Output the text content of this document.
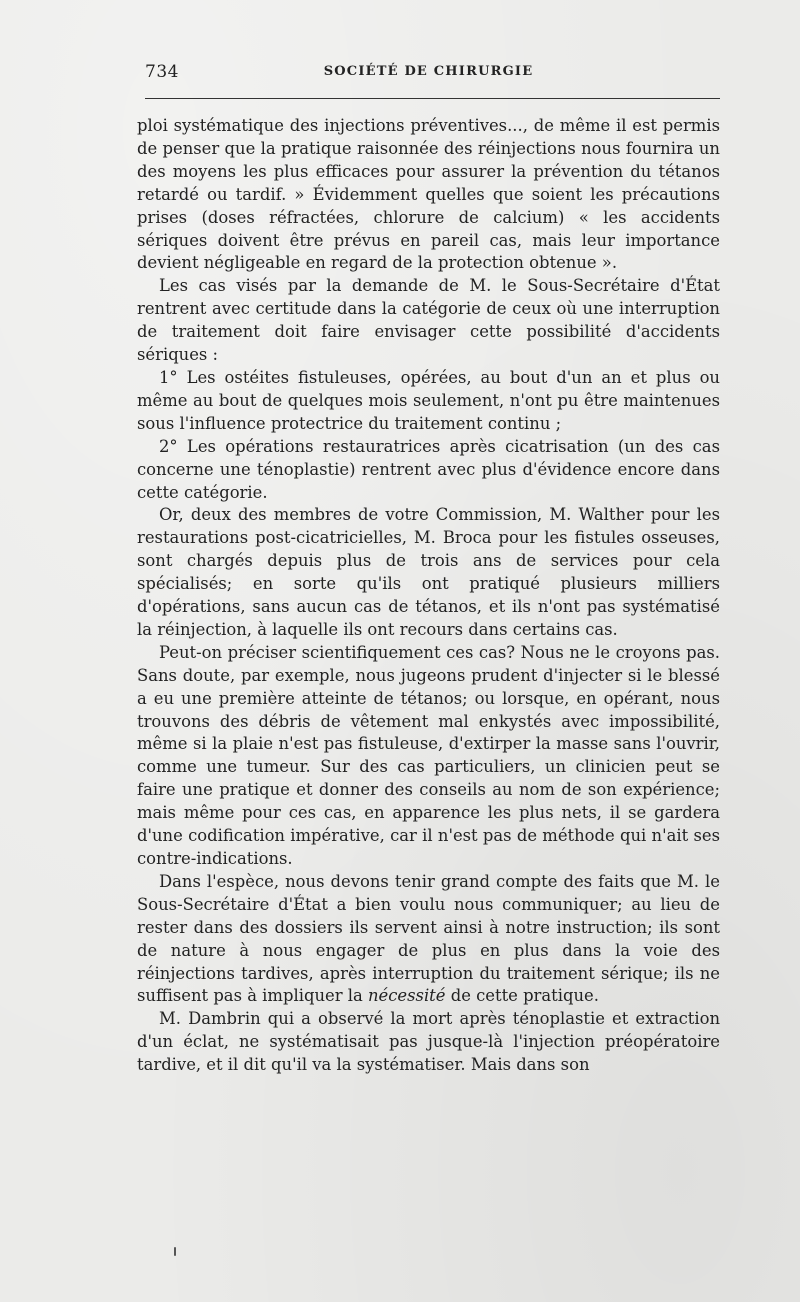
734	SOCIÉTÉ DE CHIRURGIE

ploi systématique des injections préventives..., de même il est permis de penser que la pratique raisonnée des réinjections nous fournira un des moyens les plus efficaces pour assurer la prévention du tétanos retardé ou tardif. » Évidemment quelles que soient les précautions prises (doses réfractées, chlorure de calcium) « les accidents sériques doivent être prévus en pareil cas, mais leur importance devient négligeable en regard de la protection obtenue ».

Les cas visés par la demande de M. le Sous-Secrétaire d'État rentrent avec certitude dans la catégorie de ceux où une interruption de traitement doit faire envisager cette possibilité d'accidents sériques :

1° Les ostéites fistuleuses, opérées, au bout d'un an et plus ou même au bout de quelques mois seulement, n'ont pu être maintenues sous l'influence protectrice du traitement continu ;

2° Les opérations restauratrices après cicatrisation (un des cas concerne une ténoplastie) rentrent avec plus d'évidence encore dans cette catégorie.

Or, deux des membres de votre Commission, M. Walther pour les restaurations post-cicatricielles, M. Broca pour les fistules osseuses, sont chargés depuis plus de trois ans de services pour cela spécialisés; en sorte qu'ils ont pratiqué plusieurs milliers d'opérations, sans aucun cas de tétanos, et ils n'ont pas systématisé la réinjection, à laquelle ils ont recours dans certains cas.

Peut-on préciser scientifiquement ces cas? Nous ne le croyons pas. Sans doute, par exemple, nous jugeons prudent d'injecter si le blessé a eu une première atteinte de tétanos; ou lorsque, en opérant, nous trouvons des débris de vêtement mal enkystés avec impossibilité, même si la plaie n'est pas fistuleuse, d'extirper la masse sans l'ouvrir, comme une tumeur. Sur des cas particuliers, un clinicien peut se faire une pratique et donner des conseils au nom de son expérience; mais même pour ces cas, en apparence les plus nets, il se gardera d'une codification impérative, car il n'est pas de méthode qui n'ait ses contre-indications.

Dans l'espèce, nous devons tenir grand compte des faits que M. le Sous-Secrétaire d'État a bien voulu nous communiquer; au lieu de rester dans des dossiers ils servent ainsi à notre instruction; ils sont de nature à nous engager de plus en plus dans la voie des réinjections tardives, après interruption du traitement sérique; ils ne suffisent pas à impliquer la nécessité de cette pratique.

M. Dambrin qui a observé la mort après ténoplastie et extraction d'un éclat, ne systématisait pas jusque-là l'injection préopératoire tardive, et il dit qu'il va la systématiser. Mais dans son
